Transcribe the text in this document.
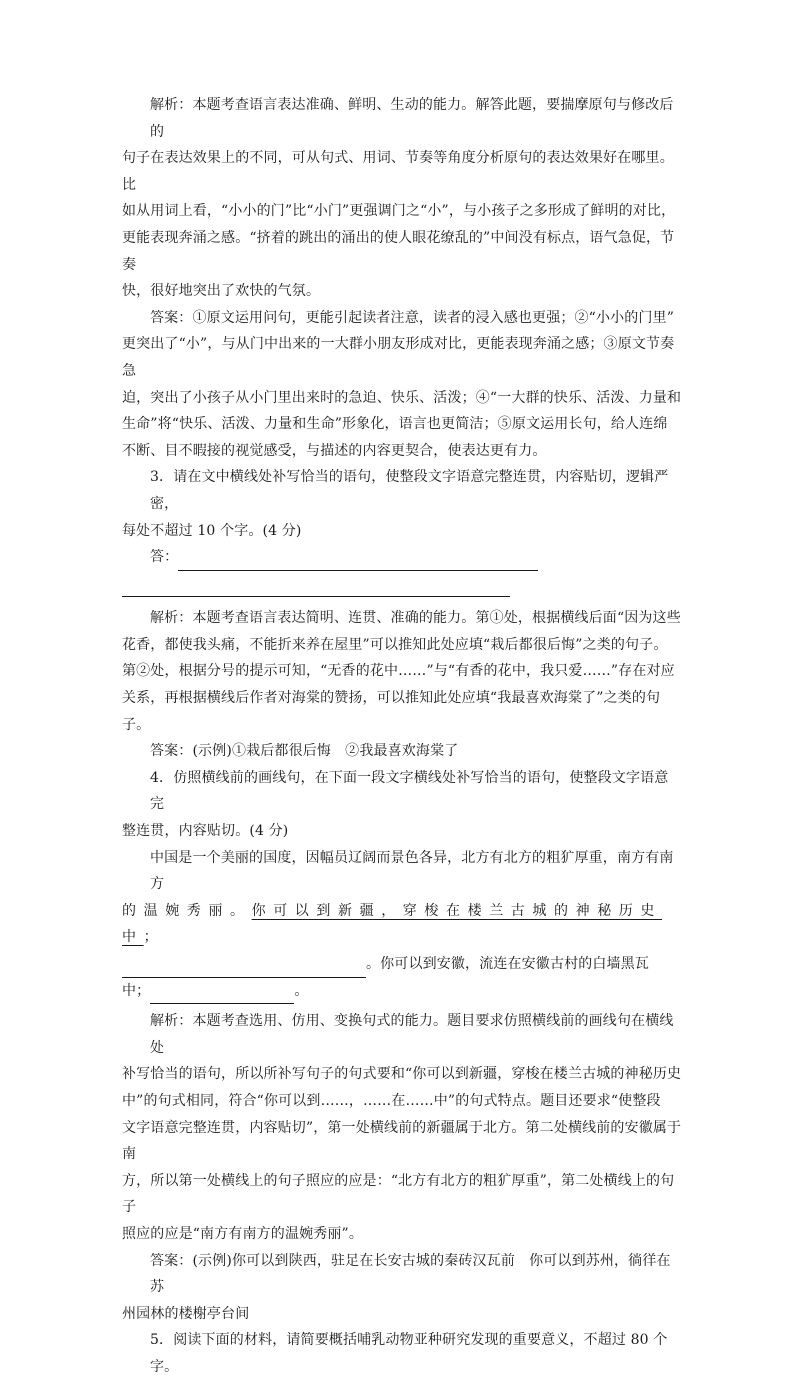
解析：本题考查语言表达准确、鲜明、生动的能力。解答此题，要揣摩原句与修改后的
句子在表达效果上的不同，可从句式、用词、节奏等角度分析原句的表达效果好在哪里。比
如从用词上看，“小小的门”比“小门”更强调门之“小”，与小孩子之多形成了鲜明的对比，
更能表现奔涌之感。“挤着的跳出的涌出的使人眼花缭乱的”中间没有标点，语气急促，节奏
快，很好地突出了欢快的气氛。
答案：①原文运用问句，更能引起读者注意，读者的浸入感也更强；②“小小的门里”
更突出了“小”，与从门中出来的一大群小朋友形成对比，更能表现奔涌之感；③原文节奏急
迫，突出了小孩子从小门里出来时的急迫、快乐、活泼；④“一大群的快乐、活泼、力量和
生命”将“快乐、活泼、力量和生命”形象化，语言也更简洁；⑤原文运用长句，给人连绵
不断、目不暇接的视觉感受，与描述的内容更契合，使表达更有力。
3．请在文中横线处补写恰当的语句，使整段文字语意完整连贯，内容贴切，逻辑严密，
每处不超过 10 个字。(4 分)
答：
解析：本题考查语言表达简明、连贯、准确的能力。第①处，根据横线后面“因为这些
花香，都使我头痛，不能折来养在屋里”可以推知此处应填“栽后都很后悔”之类的句子。
第②处，根据分号的提示可知，“无香的花中……”与“有香的花中，我只爱……”存在对应
关系，再根据横线后作者对海棠的赞扬，可以推知此处应填“我最喜欢海棠了”之类的句子。
答案：(示例)①栽后都很后悔　②我最喜欢海棠了
4．仿照横线前的画线句，在下面一段文字横线处补写恰当的语句，使整段文字语意完
整连贯，内容贴切。(4 分)
中国是一个美丽的国度，因幅员辽阔而景色各异，北方有北方的粗犷厚重，南方有南方
的温婉秀丽。你可以到新疆，穿梭在楼兰古城的神秘历史中；
。你可以到安徽，流连在安徽古村的白墙黑瓦
中；	。
解析：本题考查选用、仿用、变换句式的能力。题目要求仿照横线前的画线句在横线处
补写恰当的语句，所以所补写句子的句式要和“你可以到新疆，穿梭在楼兰古城的神秘历史
中”的句式相同，符合“你可以到……，……在……中”的句式特点。题目还要求“使整段
文字语意完整连贯，内容贴切”，第一处横线前的新疆属于北方。第二处横线前的安徽属于南
方，所以第一处横线上的句子照应的应是：“北方有北方的粗犷厚重”，第二处横线上的句子
照应的应是“南方有南方的温婉秀丽”。
答案：(示例)你可以到陕西，驻足在长安古城的秦砖汉瓦前　你可以到苏州，徜徉在苏
州园林的楼榭亭台间
5．阅读下面的材料，请简要概括哺乳动物亚种研究发现的重要意义，不超过 80 个字。
